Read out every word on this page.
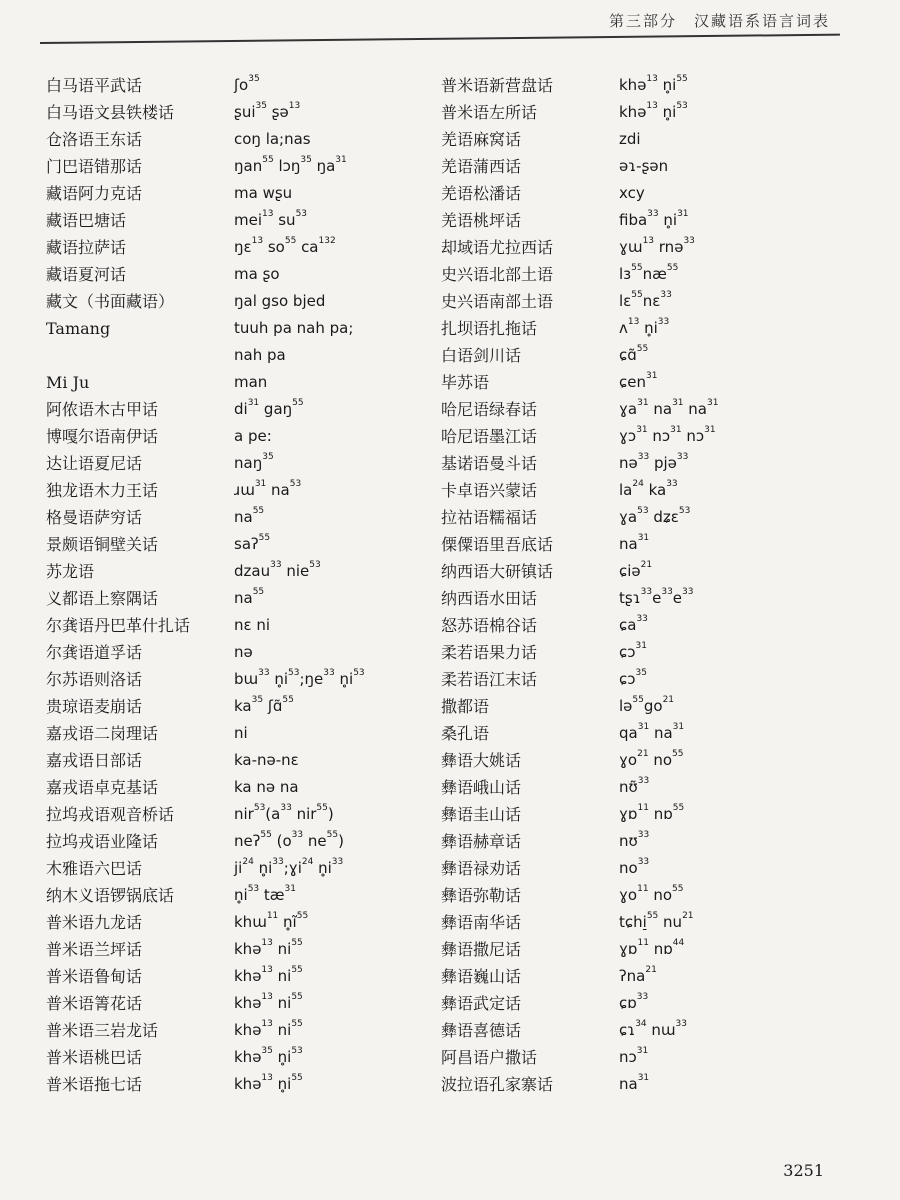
第三部分　汉藏语系语言词表
白马语平武话	ʃo$^{35}$
白马语文县铁楼话	ʂui$^{35}$ ʂə$^{13}$
仓洛语王东话	coŋ la;nas
门巴语错那话	ŋan$^{55}$ lɔŋ$^{35}$ $ŋa^{31}$
藏语阿力克话	ma wʂu
藏语巴塘话	mei$^{13}$ $su^{53}$
藏语拉萨话	ŋɛ$^{13}$ $so^{55}$ $ca^{132}$
藏语夏河话	ma ʂo
藏文（书面藏语）	ŋal gso bjed
Tamang	tuuh pa nah pa;
nah pa
Mi Ju	man
阿侬语木古甲话	$di^{31}$ gaŋ$^{55}$
博嘎尔语南伊话	a pe:
达让语夏尼话	naŋ$^{35}$
独龙语木力王话	ɹɯ$^{31}$ $na^{53}$
格曼语萨穷话	$na^{55}$
景颇语铜壁关话	saʔ$^{55}$
苏龙语	dzau$^{33}$ nie$^{53}$
义都语上察隅话	$na^{55}$
尔龚语丹巴革什扎话	nɛ ni
尔龚语道孚话	nə
尔苏语则洛话	bɯ$^{33}$ $n̥i^{53};ŋe^{33}$ $n̥i^{53}$
贵琼语麦崩话	$ka^{35}$ ʃɑ̃$^{55}$
嘉戎语二岗理话	ni
嘉戎语日部话	ka-nə-nɛ
嘉戎语卓克基话	ka nə na
拉坞戎语观音桥话	$nir^{53}(a^{33}$ nir$^{55}$)
拉坞戎语业隆话	neʔ$^{55}$ ($o^{33}$ $ne^{55}$)
木雅语六巴话	$ji^{24}$ $n̥i^{33};ɣi^{24}$ $n̥i^{33}$
纳木义语锣锅底话	$n̥i^{53}$ $tæ^{31}$
普米语九龙话	khɯ$^{11}$ $n̥ĩ^{55}$
普米语兰坪话	khə$^{13}$ $ni^{55}$
普米语鲁甸话	khə$^{13}$ $ni^{55}$
普米语箐花话	khə$^{13}$ $ni^{55}$
普米语三岩龙话	khə$^{13}$ $ni^{55}$
普米语桃巴话	khə$^{35}$ $n̥i^{53}$
普米语拖七话	khə$^{13}$ $n̥i^{55}$
普米语新营盘话	khə$^{13}$ $n̥i^{55}$
普米语左所话	khə$^{13}$ $n̥i^{53}$
羌语麻窝话	zdi
羌语蒲西话	əɿ-ʂən
羌语松潘话	xcy
羌语桃坪话	fiba$^{33}$ $n̥i^{31}$
却域语尤拉西话	ɣɯ$^{13}$ rnə$^{33}$
史兴语北部土语	$lɜ^{55}næ^{55}$
史兴语南部土语	lɛ$^{55}$nɛ$^{33}$
扎坝语扎拖话	ʌ$^{13}$ $n̥i^{33}$
白语剑川话	ɕɑ̃$^{55}$
毕苏语	ɕen$^{31}$
哈尼语绿春话	ɣa$^{31}$ $na^{31}$ $na^{31}$
哈尼语墨江话	ɣɔ$^{31}$ nɔ$^{31}$ nɔ$^{31}$
基诺语曼斗话	nə$^{33}$ pjə$^{33}$
卡卓语兴蒙话	$la^{24}$ $ka^{33}$
拉祜语糯福话	ɣa$^{53}$ dʑɛ$^{53}$
傈僳语里吾底话	$na^{31}$
纳西语大研镇话	ɕiə$^{21}$
纳西语水田话	$tʂɿ^{33}e^{33}e^{33}$
怒苏语棉谷话	ɕa$^{33}$
柔若语果力话	ɕɔ$^{31}$
柔若语江末话	ɕɔ$^{35}$
撒都语	$lə^{55}go^{21}$
桑孔语	$qa^{31}$ $na^{31}$
彝语大姚话	ɣo$^{21}$ $no^{55}$
彝语峨山话	nʊ̃$^{33}$
彝语圭山话	ɣɒ$^{11}$ nɒ$^{55}$
彝语赫章话	nʊ$^{33}$
彝语禄劝话	$no^{33}$
彝语弥勒话	ɣo$^{11}$ $no^{55}$
彝语南华话	tɕhi̠$^{55}$ $nu^{21}$
彝语撒尼话	ɣɒ$^{11}$ nɒ$^{44}$
彝语巍山话	ʔna$^{21}$
彝语武定话	ɕɒ$^{33}$
彝语喜德话	ɕɿ$^{34}$ nɯ$^{33}$
阿昌语户撒话	nɔ$^{31}$
波拉语孔家寨话	$na^{31}$
3251
